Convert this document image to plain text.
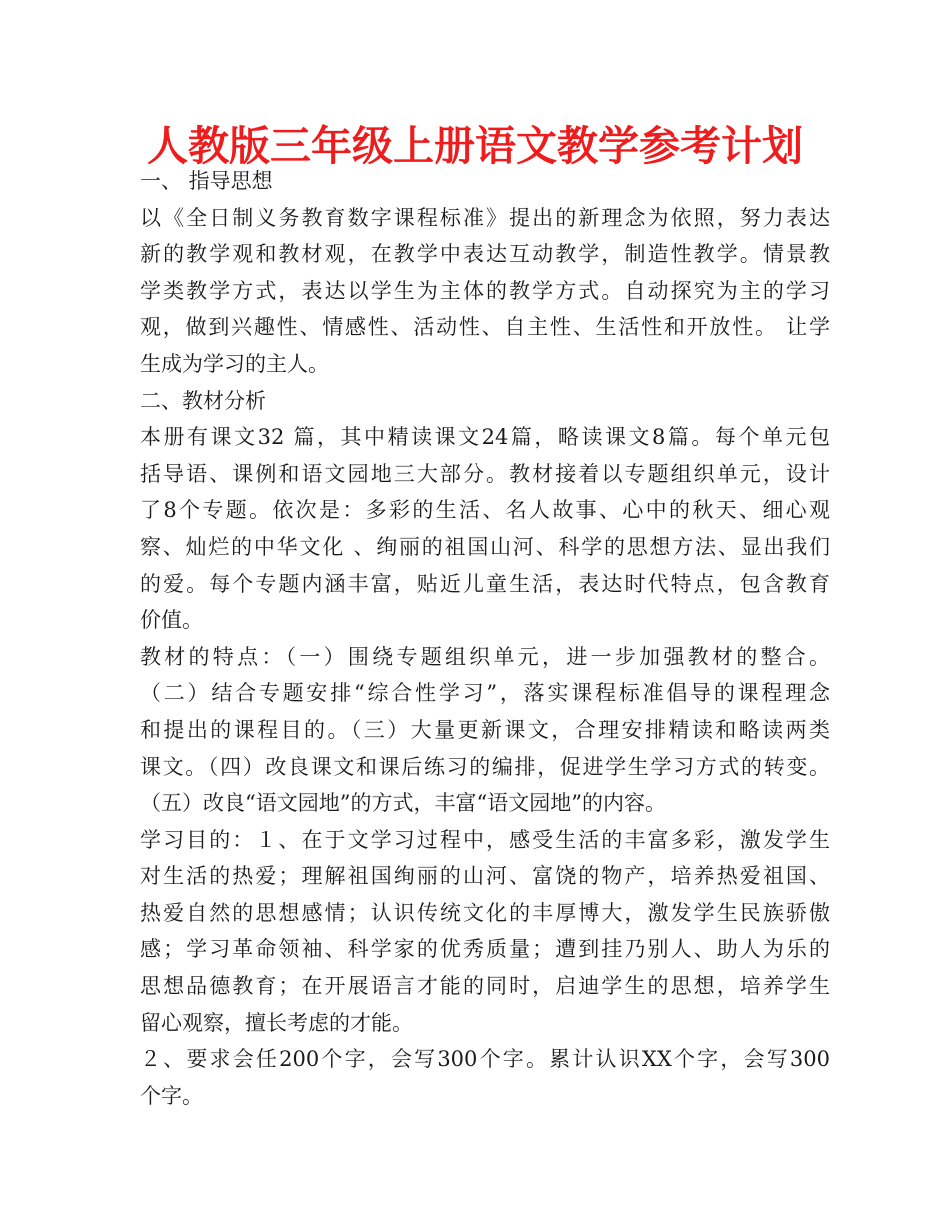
人教版三年级上册语文教学参考计划
一、 指导思想
以《全日制义务教育数字课程标准》提出的新理念为依照，努力表达
新的教学观和教材观，在教学中表达互动教学，制造性教学。情景教
学类教学方式，表达以学生为主体的教学方式。自动探究为主的学习
观，做到兴趣性、情感性、活动性、自主性、生活性和开放性。 让学
生成为学习的主人。
二、教材分析
本册有课文32 篇，其中精读课文24篇，略读课文8篇。每个单元包
括导语、课例和语文园地三大部分。教材接着以专题组织单元，设计
了8个专题。依次是：多彩的生活、名人故事、心中的秋天、细心观
察、灿烂的中华文化 、绚丽的祖国山河、科学的思想方法、显出我们
的爱。每个专题内涵丰富，贴近儿童生活，表达时代特点，包含教育
价值。
教材的特点：（一）围绕专题组织单元，进一步加强教材的整合。
（二）结合专题安排“综合性学习”，落实课程标准倡导的课程理念
和提出的课程目的。（三）大量更新课文，合理安排精读和略读两类
课文。（四）改良课文和课后练习的编排，促进学生学习方式的转变。
（五）改良“语文园地”的方式，丰富“语文园地”的内容。
学习目的：１、在于文学习过程中，感受生活的丰富多彩，激发学生
对生活的热爱；理解祖国绚丽的山河、富饶的物产，培养热爱祖国、
热爱自然的思想感情；认识传统文化的丰厚博大，激发学生民族骄傲
感；学习革命领袖、科学家的优秀质量；遭到挂乃别人、助人为乐的
思想品德教育；在开展语言才能的同时，启迪学生的思想，培养学生
留心观察，擅长考虑的才能。
２、要求会任200个字，会写300个字。累计认识XX个字，会写300
个字。
